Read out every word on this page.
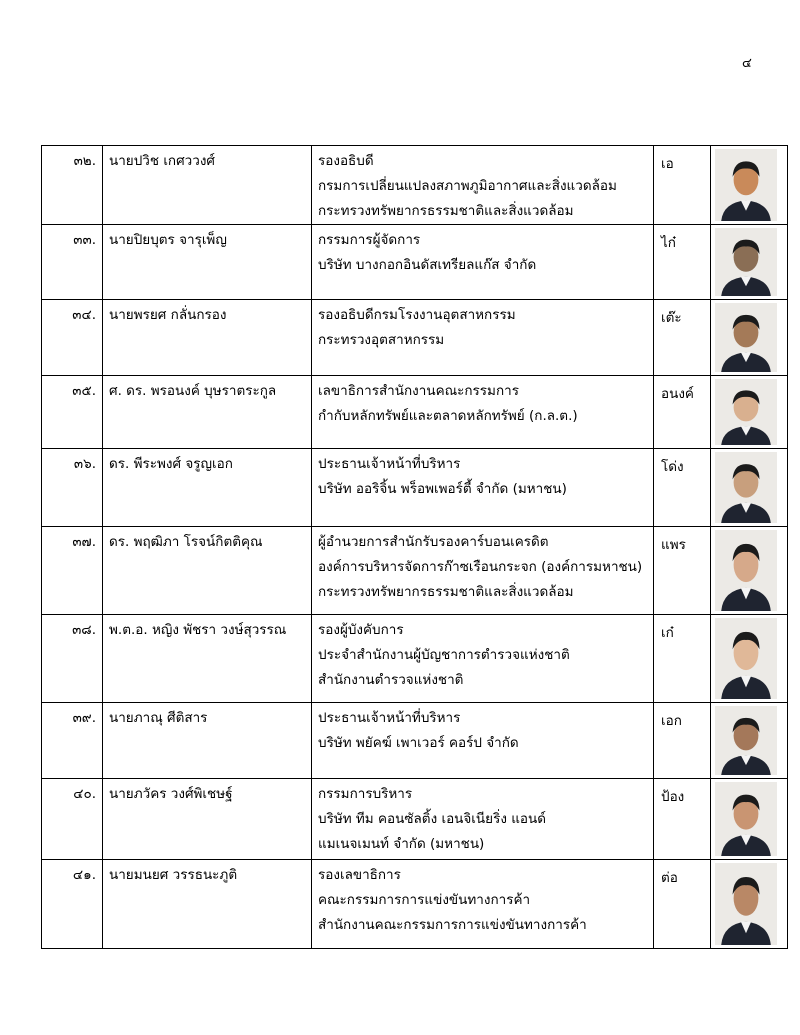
๔
๓๒.	นายปวิช เกศววงศ์	รองอธิบดี
กรมการเปลี่ยนแปลงสภาพภูมิอากาศและสิ่งแวดล้อม
กระทรวงทรัพยากรธรรมชาติและสิ่งแวดล้อม	เอ	

๓๓.	นายปิยบุตร จารุเพ็ญ	กรรมการผู้จัดการ
บริษัท บางกอกอินดัสเทรียลแก๊ส จำกัด	ไก๋	

๓๔.	นายพรยศ กลั่นกรอง	รองอธิบดีกรมโรงงานอุตสาหกรรม
กระทรวงอุตสาหกรรม	เต๊ะ	

๓๕.	ศ. ดร. พรอนงค์ บุษราตระกูล	เลขาธิการสำนักงานคณะกรรมการ
กำกับหลักทรัพย์และตลาดหลักทรัพย์ (ก.ล.ต.)	อนงค์	

๓๖.	ดร. พีระพงศ์ จรูญเอก	ประธานเจ้าหน้าที่บริหาร
บริษัท ออริจิ้น พร็อพเพอร์ตี้ จำกัด (มหาชน)	โด่ง	

๓๗.	ดร. พฤฒิภา โรจน์กิตติคุณ	ผู้อำนวยการสำนักรับรองคาร์บอนเครดิต
องค์การบริหารจัดการก๊าซเรือนกระจก (องค์การมหาชน)
กระทรวงทรัพยากรธรรมชาติและสิ่งแวดล้อม	แพร	

๓๘.	พ.ต.อ. หญิง พัชรา วงษ์สุวรรณ	รองผู้บังคับการ
ประจำสำนักงานผู้บัญชาการตำรวจแห่งชาติ
สำนักงานตำรวจแห่งชาติ	เก๋	

๓๙.	นายภาณุ ศีติสาร	ประธานเจ้าหน้าที่บริหาร
บริษัท พยัคฆ์ เพาเวอร์ คอร์ป จำกัด	เอก	

๔๐.	นายภวัคร วงศ์พิเชษฐ์	กรรมการบริหาร
บริษัท ทีม คอนซัลติ้ง เอนจิเนียริ่ง แอนด์
แมเนจเมนท์ จำกัด (มหาชน)	ป้อง	

๔๑.	นายมนยศ วรรธนะภูติ	รองเลขาธิการ
คณะกรรมการการแข่งขันทางการค้า
สำนักงานคณะกรรมการการแข่งขันทางการค้า	ต่อ	
